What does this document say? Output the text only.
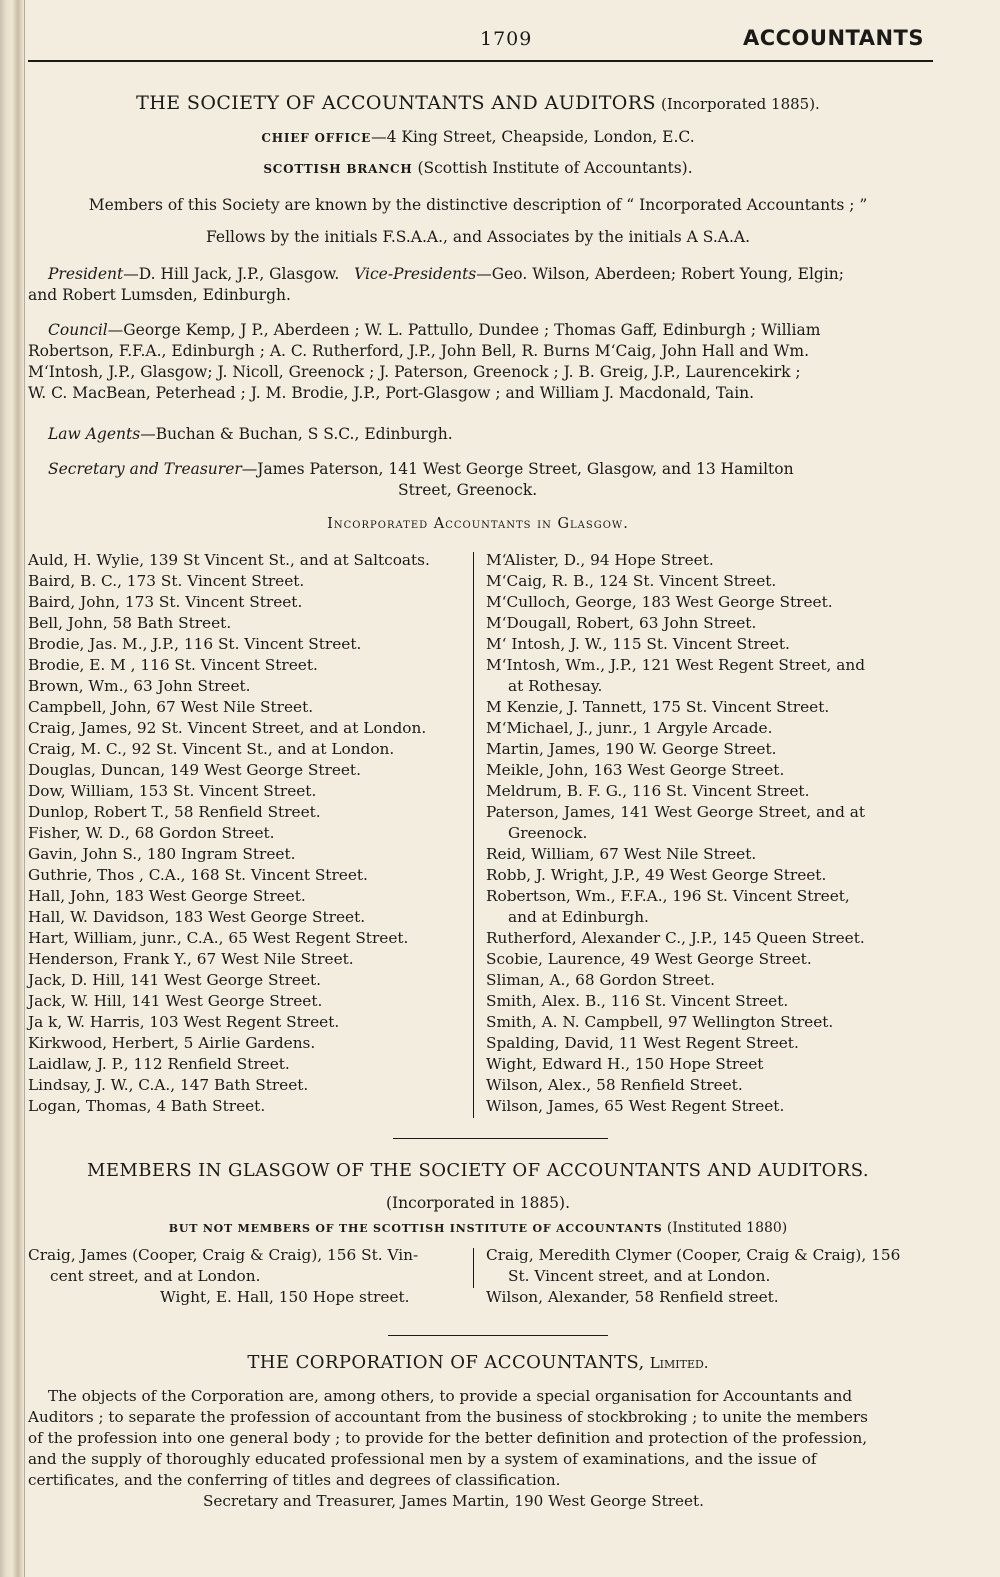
1709	ACCOUNTANTS
THE SOCIETY OF ACCOUNTANTS AND AUDITORS (Incorporated 1885).
CHIEF OFFICE—4 King Street, Cheapside, London, E.C.
SCOTTISH BRANCH (Scottish Institute of Accountants).
Members of this Society are known by the distinctive description of “ Incorporated Accountants ; ”
Fellows by the initials F.S.A.A., and Associates by the initials A S.A.A.
President—D. Hill Jack, J.P., Glasgow. Vice-Presidents—Geo. Wilson, Aberdeen; Robert Young, Elgin;
and Robert Lumsden, Edinburgh.
Council—George Kemp, J P., Aberdeen ; W. L. Pattullo, Dundee ; Thomas Gaff, Edinburgh ; William
Robertson, F.F.A., Edinburgh ; A. C. Rutherford, J.P., John Bell, R. Burns M‘Caig, John Hall and Wm.
M‘Intosh, J.P., Glasgow; J. Nicoll, Greenock ; J. Paterson, Greenock ; J. B. Greig, J.P., Laurencekirk ;
W. C. MacBean, Peterhead ; J. M. Brodie, J.P., Port-Glasgow ; and William J. Macdonald, Tain.
Law Agents—Buchan & Buchan, S S.C., Edinburgh.
Secretary and Treasurer—James Paterson, 141 West George Street, Glasgow, and 13 Hamilton
Street, Greenock.
Incorporated Accountants in Glasgow.
Auld, H. Wylie, 139 St Vincent St., and at Saltcoats.
Baird, B. C., 173 St. Vincent Street.
Baird, John, 173 St. Vincent Street.
Bell, John, 58 Bath Street.
Brodie, Jas. M., J.P., 116 St. Vincent Street.
Brodie, E. M , 116 St. Vincent Street.
Brown, Wm., 63 John Street.
Campbell, John, 67 West Nile Street.
Craig, James, 92 St. Vincent Street, and at London.
Craig, M. C., 92 St. Vincent St., and at London.
Douglas, Duncan, 149 West George Street.
Dow, William, 153 St. Vincent Street.
Dunlop, Robert T., 58 Renfield Street.
Fisher, W. D., 68 Gordon Street.
Gavin, John S., 180 Ingram Street.
Guthrie, Thos , C.A., 168 St. Vincent Street.
Hall, John, 183 West George Street.
Hall, W. Davidson, 183 West George Street.
Hart, William, junr., C.A., 65 West Regent Street.
Henderson, Frank Y., 67 West Nile Street.
Jack, D. Hill, 141 West George Street.
Jack, W. Hill, 141 West George Street.
Ja k, W. Harris, 103 West Regent Street.
Kirkwood, Herbert, 5 Airlie Gardens.
Laidlaw, J. P., 112 Renfield Street.
Lindsay, J. W., C.A., 147 Bath Street.
Logan, Thomas, 4 Bath Street.
M‘Alister, D., 94 Hope Street.
M‘Caig, R. B., 124 St. Vincent Street.
M‘Culloch, George, 183 West George Street.
M‘Dougall, Robert, 63 John Street.
M‘ Intosh, J. W., 115 St. Vincent Street.
M‘Intosh, Wm., J.P., 121 West Regent Street, and
at Rothesay.
M Kenzie, J. Tannett, 175 St. Vincent Street.
M‘Michael, J., junr., 1 Argyle Arcade.
Martin, James, 190 W. George Street.
Meikle, John, 163 West George Street.
Meldrum, B. F. G., 116 St. Vincent Street.
Paterson, James, 141 West George Street, and at
Greenock.
Reid, William, 67 West Nile Street.
Robb, J. Wright, J.P., 49 West George Street.
Robertson, Wm., F.F.A., 196 St. Vincent Street,
and at Edinburgh.
Rutherford, Alexander C., J.P., 145 Queen Street.
Scobie, Laurence, 49 West George Street.
Sliman, A., 68 Gordon Street.
Smith, Alex. B., 116 St. Vincent Street.
Smith, A. N. Campbell, 97 Wellington Street.
Spalding, David, 11 West Regent Street.
Wight, Edward H., 150 Hope Street
Wilson, Alex., 58 Renfield Street.
Wilson, James, 65 West Regent Street.
MEMBERS IN GLASGOW OF THE SOCIETY OF ACCOUNTANTS AND AUDITORS.
(Incorporated in 1885).
BUT NOT MEMBERS OF THE SCOTTISH INSTITUTE OF ACCOUNTANTS (Instituted 1880)
Craig, James (Cooper, Craig & Craig), 156 St. Vin-
cent street, and at London.
Wight, E. Hall, 150 Hope street.
Craig, Meredith Clymer (Cooper, Craig & Craig), 156
St. Vincent street, and at London.
Wilson, Alexander, 58 Renfield street.
THE CORPORATION OF ACCOUNTANTS, Limited.
The objects of the Corporation are, among others, to provide a special organisation for Accountants and
Auditors ; to separate the profession of accountant from the business of stockbroking ; to unite the members
of the profession into one general body ; to provide for the better definition and protection of the profession,
and the supply of thoroughly educated professional men by a system of examinations, and the issue of
certificates, and the conferring of titles and degrees of classification.
Secretary and Treasurer, James Martin, 190 West George Street.
